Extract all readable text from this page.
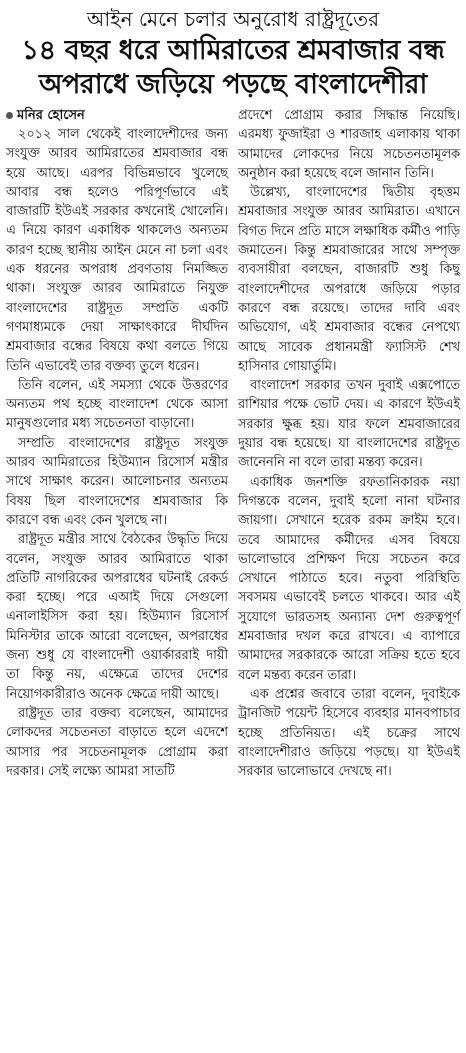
আইন মেনে চলার অনুরোধ রাষ্ট্রদূতের
১৪ বছর ধরে আমিরাতের শ্রমবাজার বন্ধ
অপরাধে জড়িয়ে পড়ছে বাংলাদেশীরা
মনির হোসেন

২০১২ সাল থেকেই বাংলাদেশীদের জন্য সংযুক্ত আরব আমিরাতের শ্রমবাজার বন্ধ হয়ে আছে। এরপর বিভিন্নভাবে খুলেছে আবার বন্ধ হলেও পরিপূর্ণভাবে এই বাজারটি ইউএই সরকার কখনোই খোলেনি। এ নিয়ে কারণ একাধিক থাকলেও অন্যতম কারণ হচ্ছে স্থানীয় আইন মেনে না চলা এবং এক ধরনের অপরাধ প্রবণতায় নিমজ্জিত থাকা। সংযুক্ত আরব আমিরাতে নিযুক্ত বাংলাদেশের রাষ্ট্রদূত সম্প্রতি একটি গণমাধ্যমকে দেয়া সাক্ষাৎকারে দীর্ঘদিন শ্রমবাজার বন্ধের বিষয়ে কথা বলতে গিয়ে তিনি এভাবেই তার বক্তব্য তুলে ধরেন।

তিনি বলেন, এই সমস্যা থেকে উত্তরণের অন্যতম পথ হচ্ছে বাংলাদেশ থেকে আসা মানুষগুলোর মধ্য সচেতনতা বাড়ানো।

সম্প্রতি বাংলাদেশের রাষ্ট্রদূত সংযুক্ত আরব আমিরাতের হিউম্যান রিসোর্স মন্ত্রীর সাথে সাক্ষাৎ করেন। আলোচনার অন্যতম বিষয় ছিল বাংলাদেশের শ্রমবাজার কি কারণে বন্ধ এবং কেন খুলছে না।

রাষ্ট্রদূত মন্ত্রীর সাথে বৈঠকের উদ্ধৃতি দিয়ে বলেন, সংযুক্ত আরব আমিরাতে থাকা প্রতিটি নাগরিকের অপরাধের ঘটনাই রেকর্ড করা হচ্ছে। পরে এআই দিয়ে সেগুলো এনালাইসিস করা হয়। হিউম্যান রিসোর্স মিনিস্টার তাকে আরো বলেছেন, অপরাধের জন্য শুধু যে বাংলাদেশী ওয়ার্কাররাই দায়ী তা কিন্তু নয়, এক্ষেত্রে তাদের দেশের নিয়োগকারীরাও অনেক ক্ষেত্রে দায়ী আছে।

রাষ্ট্রদূত তার বক্তব্য বলেছেন, আমাদের লোকদের সচেতনতা বাড়াতে হলে এদেশে আসার পর সচেতনামূলক প্রোগ্রাম করা দরকার। সেই লক্ষ্যে আমরা সাতটি

প্রদেশে প্রোগ্রাম করার সিদ্ধান্ত নিয়েছি। এরমধ্য ফুজাইরা ও শারজাহ এলাকায় থাকা আমাদের লোকদের নিয়ে সচেতনতামূলক অনুষ্ঠান করা হয়েছে বলে জানান তিনি।

উল্লেখ্য, বাংলাদেশের দ্বিতীয় বৃহত্তম শ্রমবাজার সংযুক্ত আরব আমিরাত। এখানে বিগত দিনে প্রতি মাসে লক্ষাধিক কর্মীও পাড়ি জমাতেন। কিন্তু শ্রমবাজারের সাথে সম্পৃক্ত ব্যবসায়ীরা বলছেন, বাজারটি শুধু কিছু বাংলাদেশীদের অপরাধে জড়িয়ে পড়ার কারণে বন্ধ রয়েছে। তাদের দাবি এবং অভিযোগ, এই শ্রমবাজার বন্ধের নেপথ্যে আছে সাবেক প্রধানমন্ত্রী ফ্যাসিস্ট শেখ হাসিনার গোয়ার্তুমি।

বাংলাদেশ সরকার তখন দুবাই এক্সপোতে রাশিয়ার পক্ষে ভোট দেয়। এ কারণে ইউএই সরকার ক্ষুব্ধ হয়। যার ফলে শ্রমবাজারের দুয়ার বন্ধ হয়েছে। যা বাংলাদেশের রাষ্ট্রদূত জানেননি না বলে তারা মন্তব্য করেন।

একাধিক জনশক্তি রফতানিকারক নয়া দিগন্তকে বলেন, দুবাই হলো নানা ঘটনার জায়গা। সেখানে হরেক রকম ক্রাইম হবে। তবে আমাদের কর্মীদের এসব বিষয়ে ভালোভাবে প্রশিক্ষণ দিয়ে সচেতন করে সেখানে পাঠাতে হবে। নতুবা পরিস্থিতি সবসময় এভাবেই চলতে থাকবে। আর এই সুযোগে ভারতসহ অন্যান্য দেশ গুরুত্বপূর্ণ শ্রমবাজার দখল করে রাখবে। এ ব্যাপারে আমাদের সরকারকে আরো সক্রিয় হতে হবে বলে মন্তব্য করেন তারা।

এক প্রশ্নের জবাবে তারা বলেন, দুবাইকে ট্রানজিট পয়েন্ট হিসেবে ব্যবহার মানবপাচার হচ্ছে প্রতিনিয়ত। এই চক্রের সাথে বাংলাদেশীরাও জড়িয়ে পড়ছে। যা ইউএই সরকার ভালোভাবে দেখছে না।
